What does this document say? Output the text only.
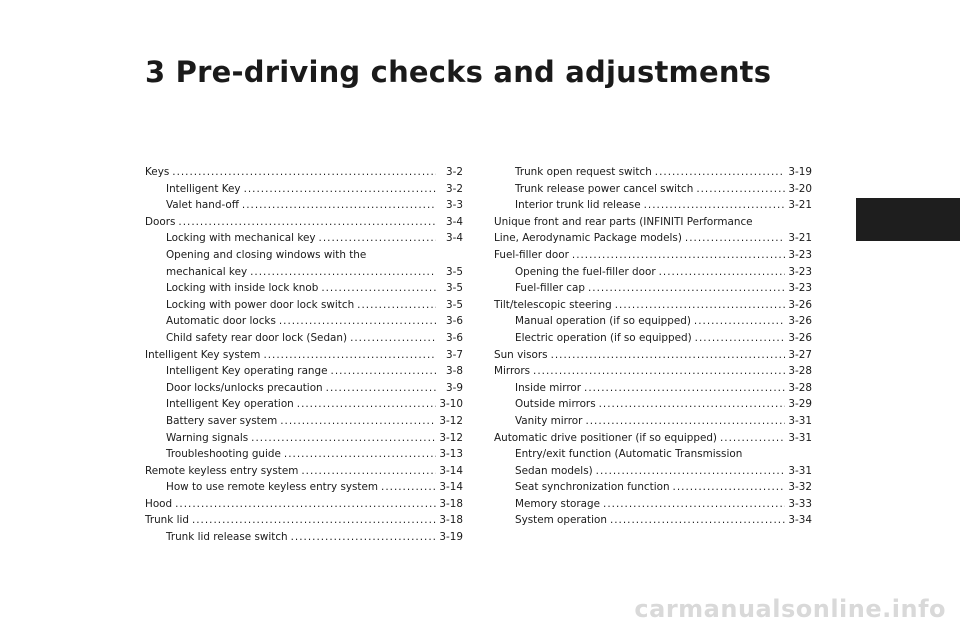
3 Pre-driving checks and adjustments
Keys .....	3-2
Intelligent Key .....	3-2
Valet hand-off .....	3-3
Doors .....	3-4
Locking with mechanical key .....	3-4
Opening and closing windows with the
mechanical key .....	3-5
Locking with inside lock knob .....	3-5
Locking with power door lock switch .....	3-5
Automatic door locks .....	3-6
Child safety rear door lock (Sedan) .....	3-6
Intelligent Key system .....	3-7
Intelligent Key operating range .....	3-8
Door locks/unlocks precaution .....	3-9
Intelligent Key operation .....	3-10
Battery saver system .....	3-12
Warning signals .....	3-12
Troubleshooting guide .....	3-13
Remote keyless entry system .....	3-14
How to use remote keyless entry system .....	3-14
Hood .....	3-18
Trunk lid .....	3-18
Trunk lid release switch .....	3-19
Trunk open request switch .....	3-19
Trunk release power cancel switch .....	3-20
Interior trunk lid release .....	3-21
Unique front and rear parts (INFINITI Performance
Line, Aerodynamic Package models) .....	3-21
Fuel-filler door .....	3-23
Opening the fuel-filler door .....	3-23
Fuel-filler cap .....	3-23
Tilt/telescopic steering .....	3-26
Manual operation (if so equipped) .....	3-26
Electric operation (if so equipped) .....	3-26
Sun visors .....	3-27
Mirrors .....	3-28
Inside mirror .....	3-28
Outside mirrors .....	3-29
Vanity mirror .....	3-31
Automatic drive positioner (if so equipped) .....	3-31
Entry/exit function (Automatic Transmission
Sedan models) .....	3-31
Seat synchronization function .....	3-32
Memory storage .....	3-33
System operation .....	3-34
carmanualsonline.info
